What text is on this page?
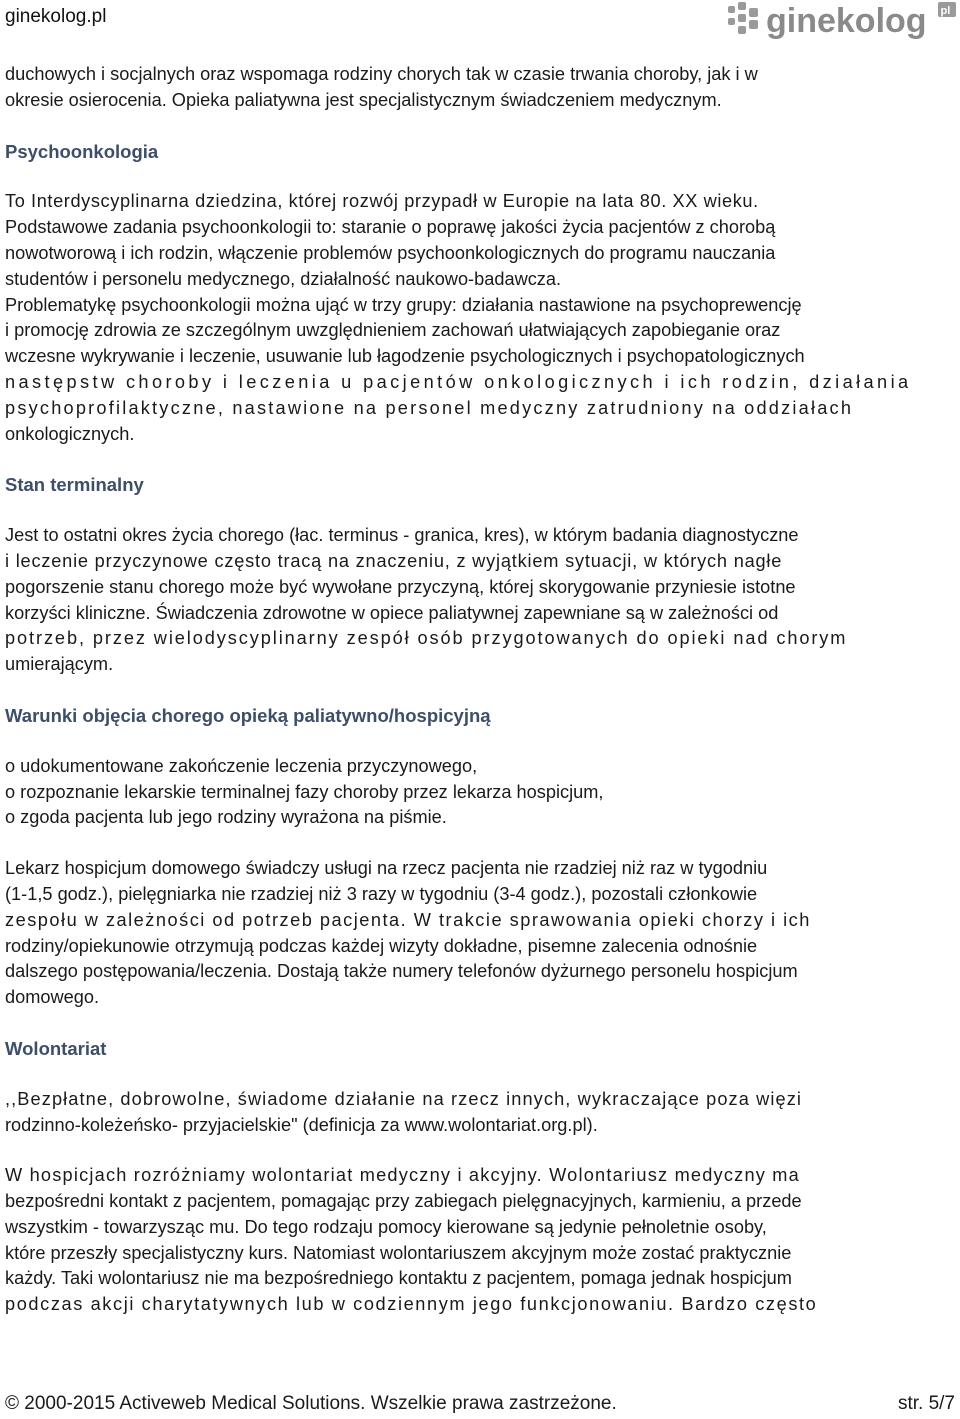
ginekolog.pl	ginekolog pl

duchowych i socjalnych oraz wspomaga rodziny chorych tak w czasie trwania choroby, jak i w

okresie osierocenia. Opieka paliatywna jest specjalistycznym świadczeniem medycznym.

Psychoonkologia

To Interdyscyplinarna dziedzina, której rozwój przypadł w Europie na lata 80. XX wieku.

Podstawowe zadania psychoonkologii to: staranie o poprawę jakości życia pacjentów z chorobą

nowotworową i ich rodzin, włączenie problemów psychoonkologicznych do programu nauczania

studentów i personelu medycznego, działalność naukowo-badawcza.

Problematykę psychoonkologii można ująć w trzy grupy: działania nastawione na psychoprewencję

i promocję zdrowia ze szczególnym uwzględnieniem zachowań ułatwiających zapobieganie oraz

wczesne wykrywanie i leczenie, usuwanie lub łagodzenie psychologicznych i psychopatologicznych

następstw choroby i leczenia u pacjentów onkologicznych i ich rodzin, działania

psychoprofilaktyczne, nastawione na personel medyczny zatrudniony na oddziałach

onkologicznych.

Stan terminalny

Jest to ostatni okres życia chorego (łac. terminus - granica, kres), w którym badania diagnostyczne

i leczenie przyczynowe często tracą na znaczeniu, z wyjątkiem sytuacji, w których nagłe

pogorszenie stanu chorego może być wywołane przyczyną, której skorygowanie przyniesie istotne

korzyści kliniczne. Świadczenia zdrowotne w opiece paliatywnej zapewniane są w zależności od

potrzeb, przez wielodyscyplinarny zespół osób przygotowanych do opieki nad chorym

umierającym.

Warunki objęcia chorego opieką paliatywno/hospicyjną

o udokumentowane zakończenie leczenia przyczynowego,

o rozpoznanie lekarskie terminalnej fazy choroby przez lekarza hospicjum,

o zgoda pacjenta lub jego rodziny wyrażona na piśmie.

Lekarz hospicjum domowego świadczy usługi na rzecz pacjenta nie rzadziej niż raz w tygodniu

(1-1,5 godz.), pielęgniarka nie rzadziej niż 3 razy w tygodniu (3-4 godz.), pozostali członkowie

zespołu w zależności od potrzeb pacjenta. W trakcie sprawowania opieki chorzy i ich

rodziny/opiekunowie otrzymują podczas każdej wizyty dokładne, pisemne zalecenia odnośnie

dalszego postępowania/leczenia. Dostają także numery telefonów dyżurnego personelu hospicjum

domowego.

Wolontariat

,,Bezpłatne, dobrowolne, świadome działanie na rzecz innych, wykraczające poza więzi

rodzinno-koleżeńsko- przyjacielskie" (definicja za www.wolontariat.org.pl).

W hospicjach rozróżniamy wolontariat medyczny i akcyjny. Wolontariusz medyczny ma

bezpośredni kontakt z pacjentem, pomagając przy zabiegach pielęgnacyjnych, karmieniu, a przede

wszystkim - towarzysząc mu. Do tego rodzaju pomocy kierowane są jedynie pełnoletnie osoby,

które przeszły specjalistyczny kurs. Natomiast wolontariuszem akcyjnym może zostać praktycznie

każdy. Taki wolontariusz nie ma bezpośredniego kontaktu z pacjentem, pomaga jednak hospicjum

podczas akcji charytatywnych lub w codziennym jego funkcjonowaniu. Bardzo często

© 2000-2015 Activeweb Medical Solutions. Wszelkie prawa zastrzeżone.	str. 5/7
